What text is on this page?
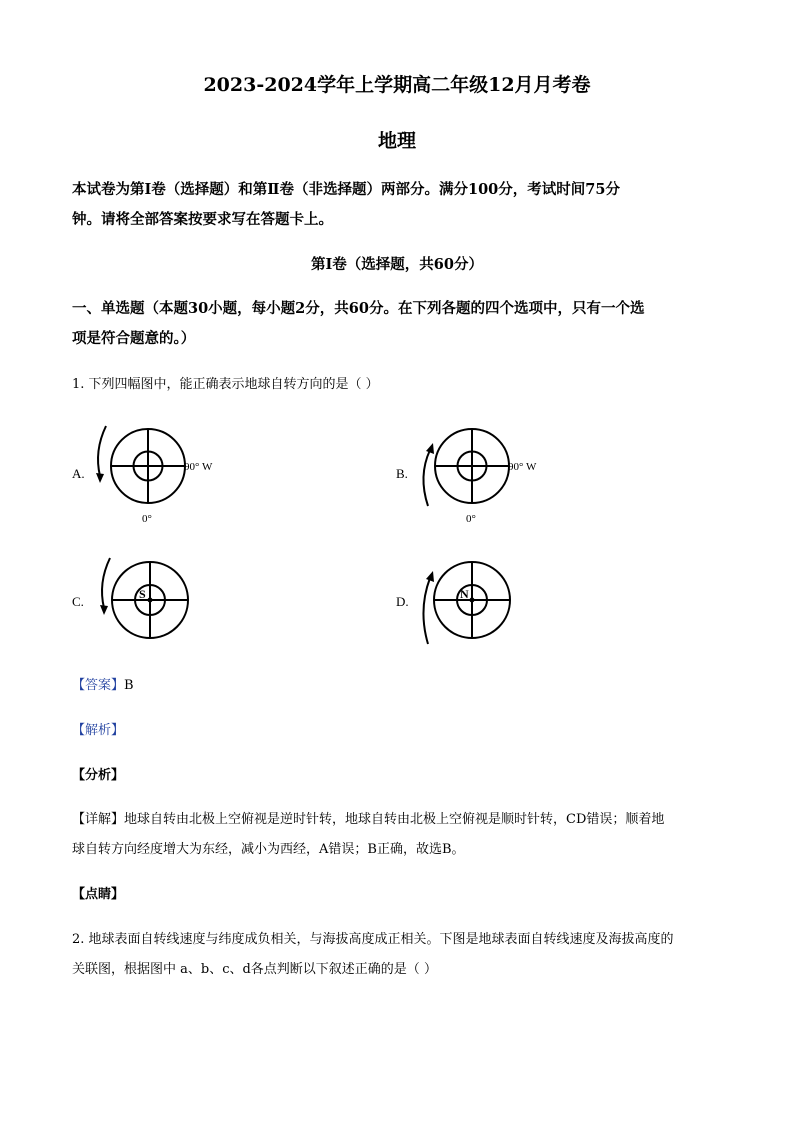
2023-2024学年上学期高二年级12月月考卷
地理
本试卷为第Ⅰ卷（选择题）和第Ⅱ卷（非选择题）两部分。满分100分，考试时间75分
钟。请将全部答案按要求写在答题卡上。
第Ⅰ卷（选择题，共60分）
一、单选题（本题30小题，每小题2分，共60分。在下列各题的四个选项中，只有一个选
项是符合题意的。）
1. 下列四幅图中，能正确表示地球自转方向的是（ ）
A.	90° W
0°
B.	90° W
0°
C.	S	D.	N
【答案】B
【解析】
【分析】
【详解】地球自转由北极上空俯视是逆时针转，地球自转由北极上空俯视是顺时针转，CD错误；顺着地
球自转方向经度增大为东经，减小为西经，A错误；B正确，故选B。
【点睛】
2. 地球表面自转线速度与纬度成负相关，与海拔高度成正相关。下图是地球表面自转线速度及海拔高度的
关联图，根据图中 a、b、c、d各点判断以下叙述正确的是（ ）
